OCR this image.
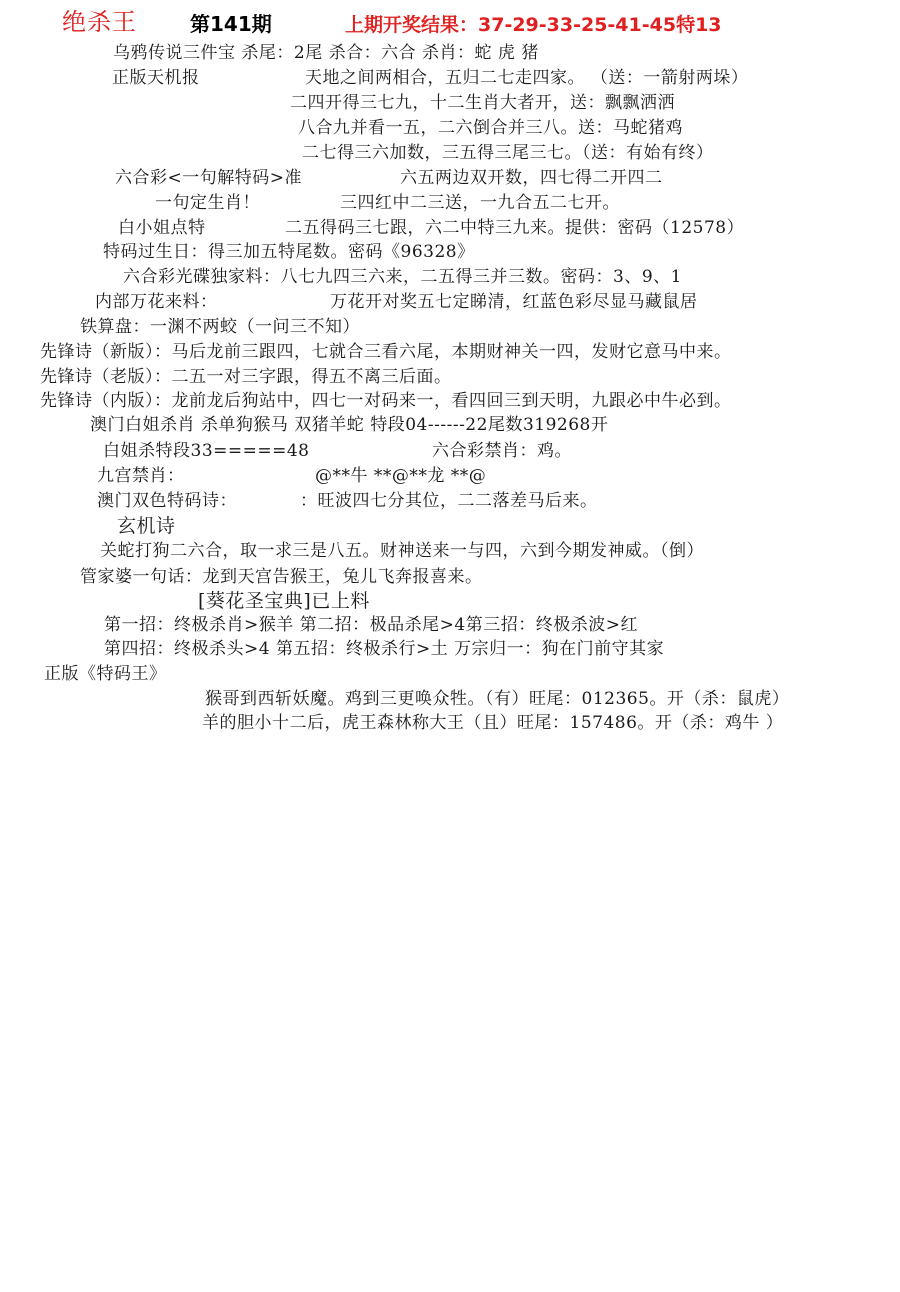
绝杀王	第141期	上期开奖结果：37-29-33-25-41-45特13
乌鸦传说三件宝 杀尾：2尾 杀合：六合 杀肖：蛇 虎 猪
正版天机报	天地之间两相合，五归二七走四家。 （送：一箭射两垛）
二四开得三七九，十二生肖大者开，送：飘飘洒洒
八合九并看一五，二六倒合并三八。送：马蛇猪鸡
二七得三六加数，三五得三尾三七。（送：有始有终）
六合彩<一句解特码>准	六五两边双开数，四七得二开四二
一句定生肖！	三四红中二三送，一九合五二七开。
白小姐点特	二五得码三七跟，六二中特三九来。提供：密码（12578）
特码过生日：得三加五特尾数。密码《96328》
六合彩光碟独家料：八七九四三六来，二五得三并三数。密码：3、9、1
内部万花来料：	万花开对奖五七定睇清，红蓝色彩尽显马藏鼠居
铁算盘：一渊不两蛟（一问三不知）
先锋诗（新版）：马后龙前三跟四，七就合三看六尾，本期财神关一四，发财它意马中来。
先锋诗（老版）：二五一对三字跟，得五不离三后面。
先锋诗（内版）：龙前龙后狗站中，四七一对码来一，看四回三到天明，九跟必中牛必到。
澳门白姐杀肖 杀单狗猴马 双猪羊蛇 特段04------22尾数319268开
白姐杀特段33=====48	六合彩禁肖：鸡。
九宫禁肖：	@**牛 **@**龙 **@
澳门双色特码诗：	：旺波四七分其位，二二落差马后来。
玄机诗
关蛇打狗二六合，取一求三是八五。财神送来一与四，六到今期发神威。（倒）
管家婆一句话：龙到天宫告猴王，兔儿飞奔报喜来。
[葵花圣宝典]已上料
第一招：终极杀肖>猴羊 第二招：极品杀尾>4第三招：终极杀波>红
第四招：终极杀头>4 第五招：终极杀行>土 万宗归一：狗在门前守其家
正版《特码王》
猴哥到西斩妖魔。鸡到三更唤众牲。（有）旺尾：012365。开（杀：鼠虎）
羊的胆小十二后，虎王森林称大王（且）旺尾：157486。开（杀：鸡牛 ）
